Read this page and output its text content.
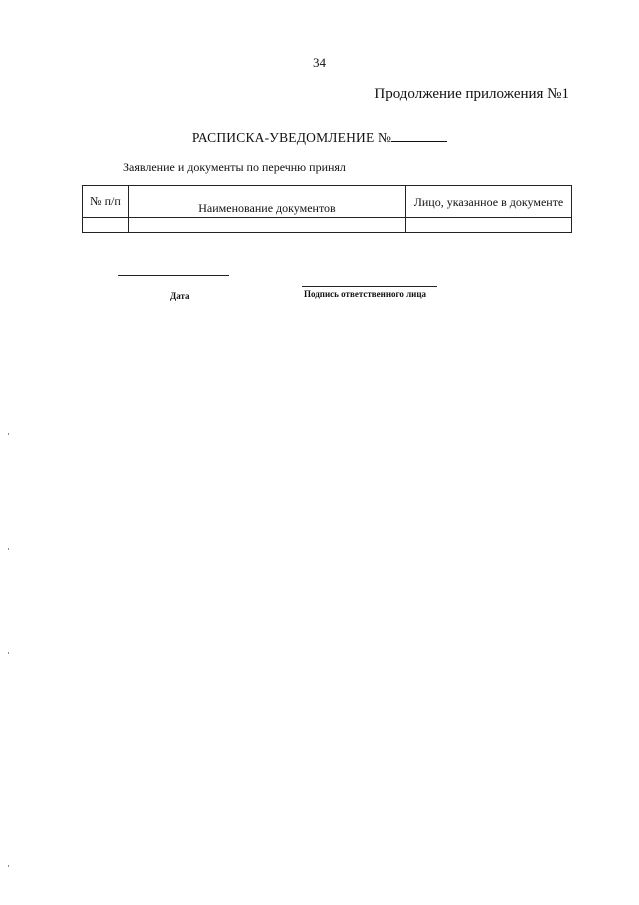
34
Продолжение приложения №1
РАСПИСКА-УВЕДОМЛЕНИЕ №
Заявление и документы по перечню принял
№ п/п	Наименование документов	Лицо, указанное в документе

Дата	Подпись ответственного лица
